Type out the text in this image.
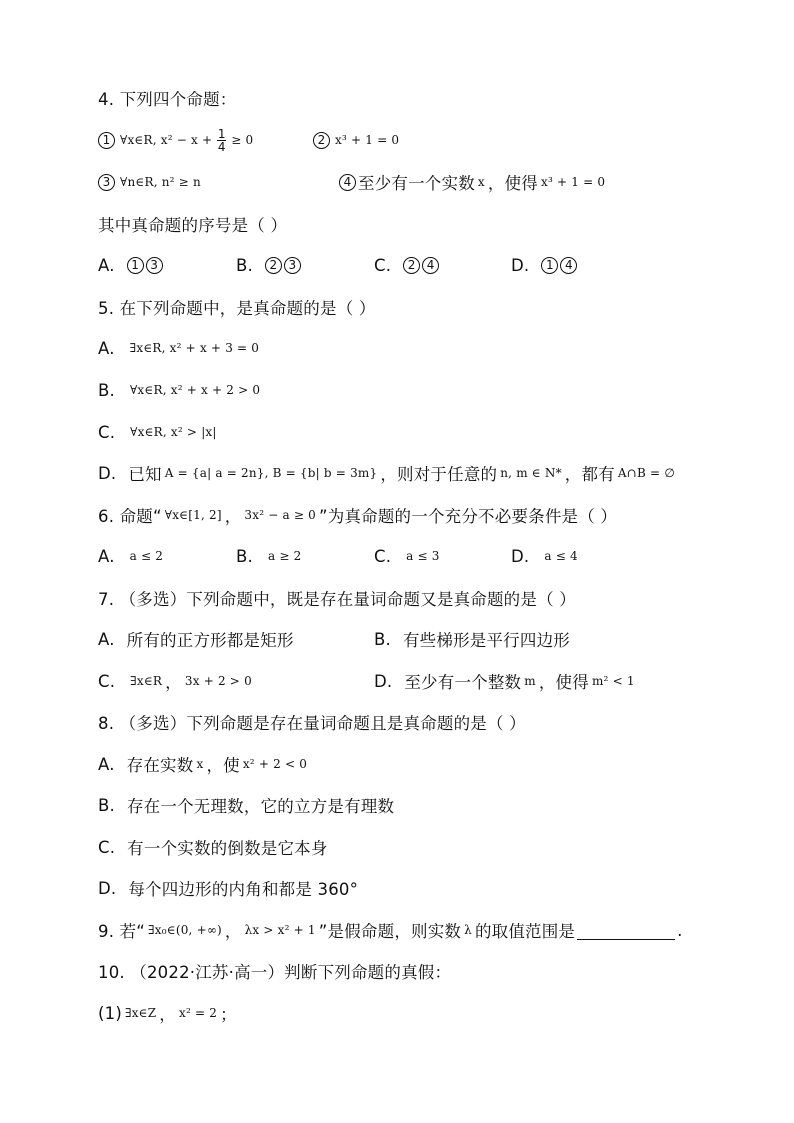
4. 下列四个命题：
1 ∀x∈R, x² − x + 1
4 ≥ 0	2 x³ + 1 = 0
3 ∀n∈R, n² ≥ n	4 至少有一个实数 x ，使得 x³ + 1 = 0
其中真命题的序号是（ ）
A.	1 3	B.	2 3	C.	2 4	D.	1 4
5. 在下列命题中，是真命题的是（ ）
A. ∃x∈R, x² + x + 3 = 0
B. ∀x∈R, x² + x + 2 > 0
C. ∀x∈R, x² > |x|
D. 已知 A = {a| a = 2n}, B = {b| b = 3m} ，则对于任意的 n, m ∈ N* ，都有 A∩B = ∅
6. 命题“ ∀x∈[1, 2] ， 3x² − a ≥ 0 ”为真命题的一个充分不必要条件是（ ）
A. a ≤ 2	B. a ≥ 2	C. a ≤ 3	D. a ≤ 4
7. （多选）下列命题中，既是存在量词命题又是真命题的是（ ）
A. 所有的正方形都是矩形	B. 有些梯形是平行四边形
C. ∃x∈R ， 3x + 2 > 0	D. 至少有一个整数 m ，使得 m² < 1
8. （多选）下列命题是存在量词命题且是真命题的是（ ）
A. 存在实数 x ，使 x² + 2 < 0
B. 存在一个无理数，它的立方是有理数
C. 有一个实数的倒数是它本身
D. 每个四边形的内角和都是 360°
9. 若“ ∃x₀∈(0, +∞) ， λx > x² + 1 ”是假命题，则实数 λ 的取值范围是	.
10. （2022·江苏·高一）判断下列命题的真假：
(1) ∃x∈Z ， x² = 2 ；
